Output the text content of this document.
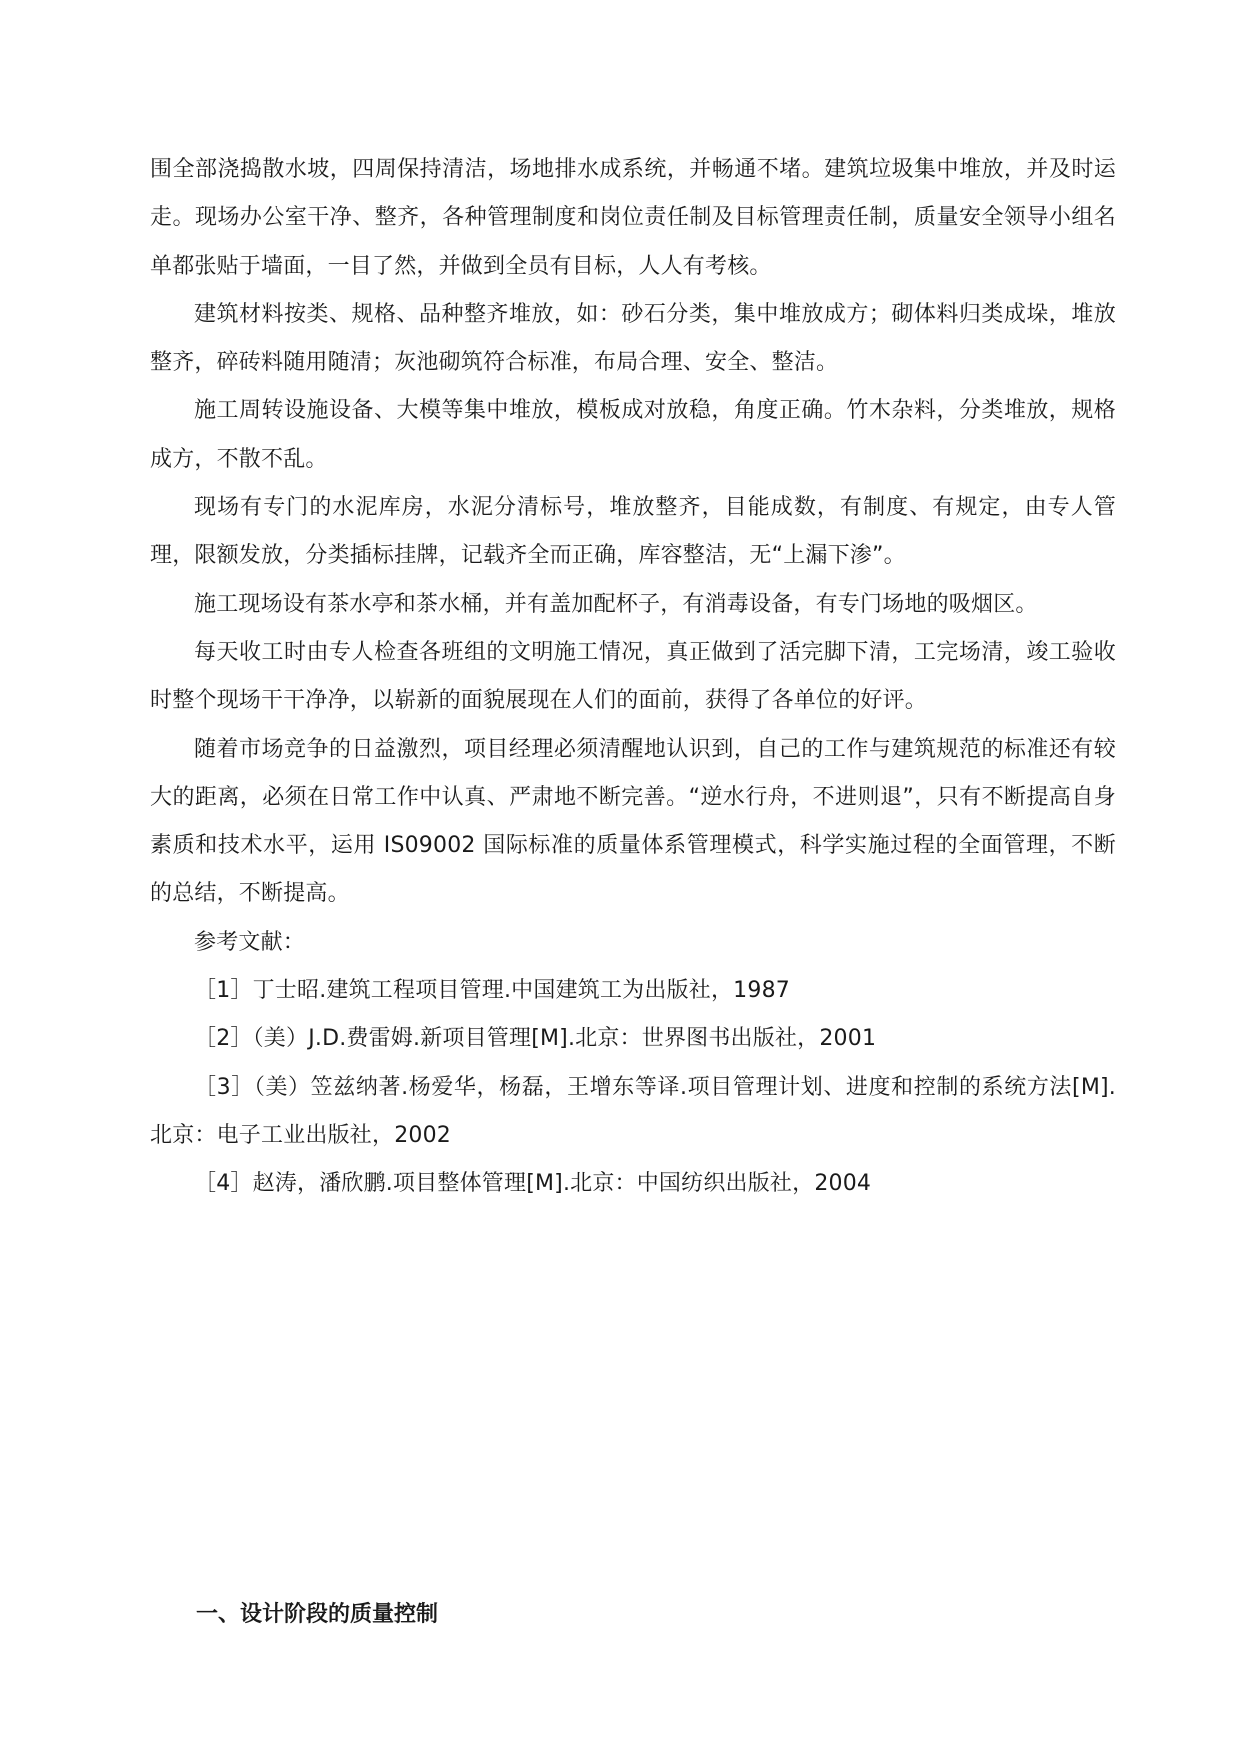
围全部浇捣散水坡，四周保持清洁，场地排水成系统，并畅通不堵。建筑垃圾集中堆放，并及时运走。现场办公室干净、整齐，各种管理制度和岗位责任制及目标管理责任制，质量安全领导小组名单都张贴于墙面，一目了然，并做到全员有目标，人人有考核。

建筑材料按类、规格、品种整齐堆放，如：砂石分类，集中堆放成方；砌体料归类成垛，堆放整齐，碎砖料随用随清；灰池砌筑符合标准，布局合理、安全、整洁。

施工周转设施设备、大模等集中堆放，模板成对放稳，角度正确。竹木杂料，分类堆放，规格成方，不散不乱。

现场有专门的水泥库房，水泥分清标号，堆放整齐，目能成数，有制度、有规定，由专人管理，限额发放，分类插标挂牌，记载齐全而正确，库容整洁，无“上漏下渗”。

施工现场设有茶水亭和茶水桶，并有盖加配杯子，有消毒设备，有专门场地的吸烟区。

每天收工时由专人检查各班组的文明施工情况，真正做到了活完脚下清，工完场清，竣工验收时整个现场干干净净，以崭新的面貌展现在人们的面前，获得了各单位的好评。

随着市场竞争的日益激烈，项目经理必须清醒地认识到，自己的工作与建筑规范的标准还有较大的距离，必须在日常工作中认真、严肃地不断完善。“逆水行舟，不进则退”，只有不断提高自身素质和技术水平，运用 IS09002 国际标准的质量体系管理模式，科学实施过程的全面管理，不断的总结，不断提高。

参考文献：

［1］丁士昭.建筑工程项目管理.中国建筑工为出版社，1987

［2］（美）J.D.费雷姆.新项目管理[M].北京：世界图书出版社，2001

［3］（美）笠兹纳著.杨爱华，杨磊，王增东等译.项目管理计划、进度和控制的系统方法[M].北京：电子工业出版社，2002

［4］赵涛，潘欣鹏.项目整体管理[M].北京：中国纺织出版社，2004

一、设计阶段的质量控制
